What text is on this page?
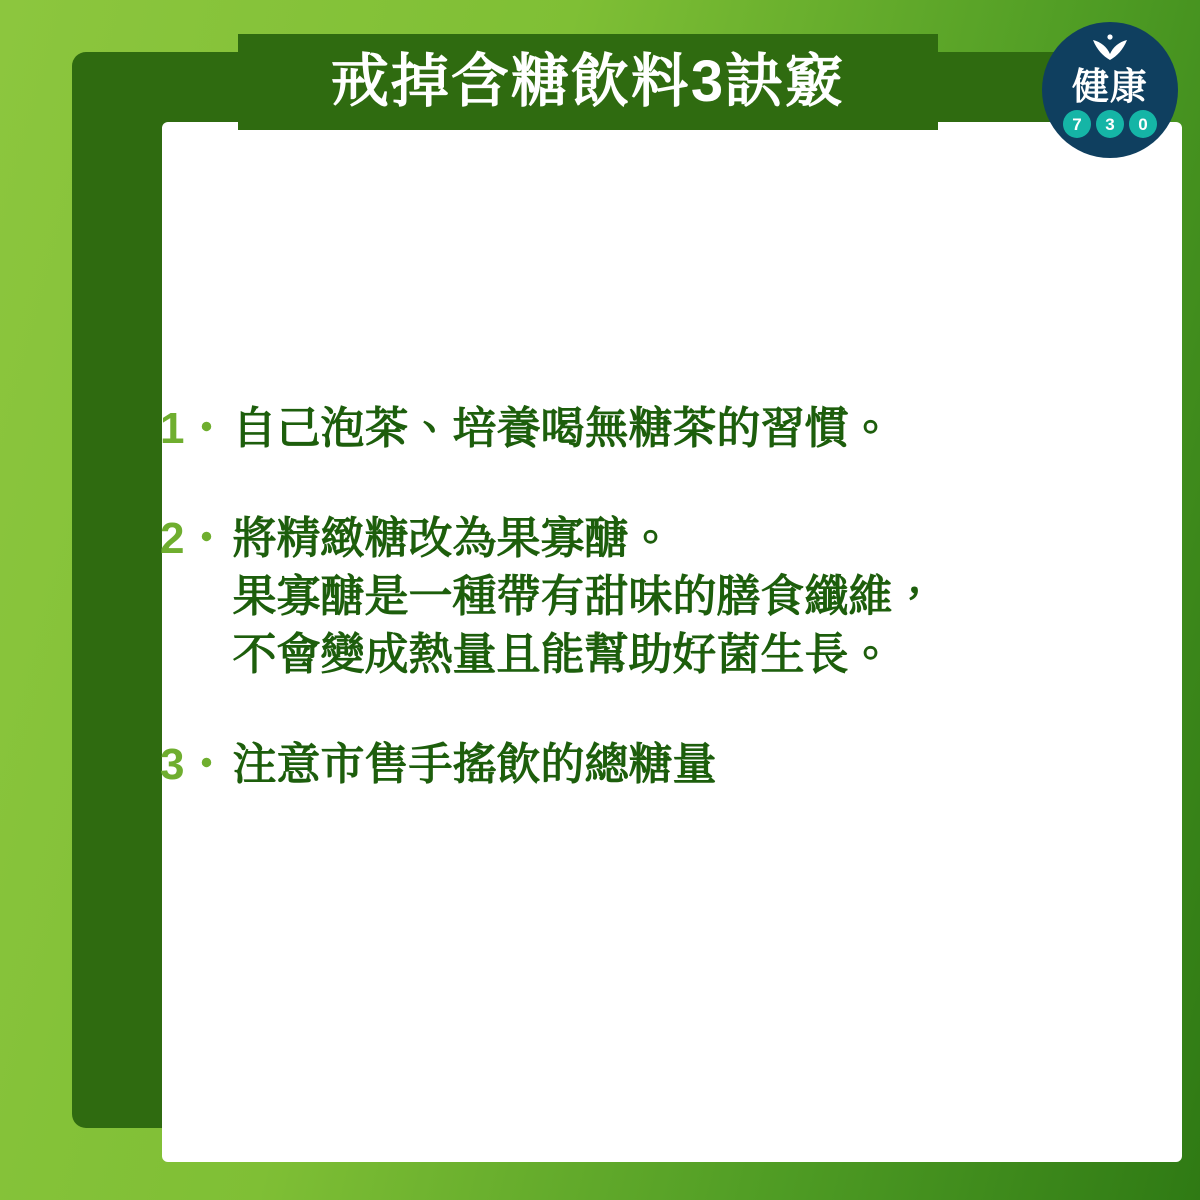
戒掉含糖飲料3訣竅	健康
7	3	0
1・ 自己泡茶、培養喝無糖茶的習慣。
2・ 將精緻糖改為果寡醣。
果寡醣是一種帶有甜味的膳食纖維，
不會變成熱量且能幫助好菌生長。
3・ 注意市售手搖飲的總糖量
